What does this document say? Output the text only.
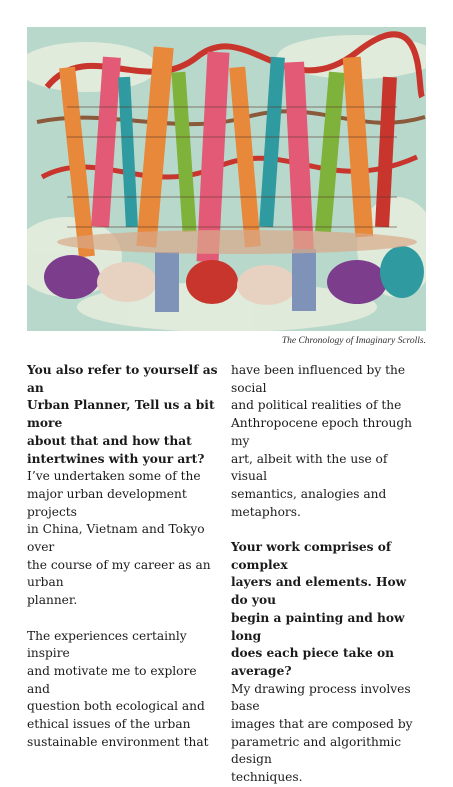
The Chronology of Imaginary Scrolls.

You also refer to yourself as an
Urban Planner, Tell us a bit more
about that and how that
intertwines with your art?

I’ve undertaken some of the
major urban development projects
in China, Vietnam and Tokyo over
the course of my career as an urban
planner.

The experiences certainly inspire
and motivate me to explore and
question both ecological and
ethical issues of the urban
sustainable environment that

have been influenced by the social
and political realities of the
Anthropocene epoch through my
art, albeit with the use of visual
semantics, analogies and
metaphors.

Your work comprises of complex
layers and elements. How do you
begin a painting and how long
does each piece take on average?

My drawing process involves base
images that are composed by
parametric and algorithmic design
techniques.
